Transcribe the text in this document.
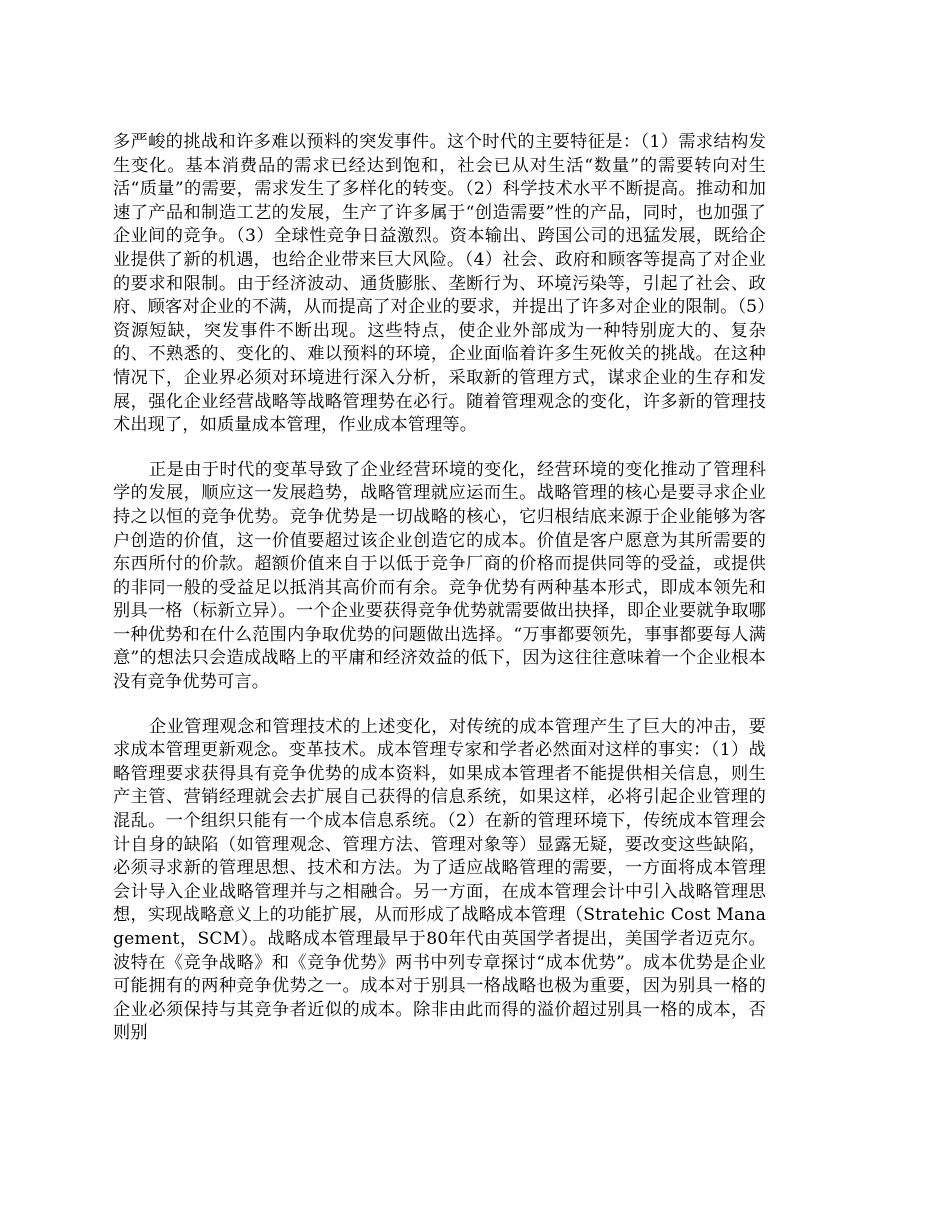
多严峻的挑战和许多难以预料的突发事件。这个时代的主要特征是：（1）需求结构发生变化。基本消费品的需求已经达到饱和，社会已从对生活“数量”的需要转向对生活“质量”的需要，需求发生了多样化的转变。（2）科学技术水平不断提高。推动和加速了产品和制造工艺的发展，生产了许多属于“创造需要”性的产品，同时，也加强了企业间的竞争。（3）全球性竞争日益激烈。资本输出、跨国公司的迅猛发展，既给企业提供了新的机遇，也给企业带来巨大风险。（4）社会、政府和顾客等提高了对企业的要求和限制。由于经济波动、通货膨胀、垄断行为、环境污染等，引起了社会、政府、顾客对企业的不满，从而提高了对企业的要求，并提出了许多对企业的限制。（5）资源短缺，突发事件不断出现。这些特点，使企业外部成为一种特别庞大的、复杂的、不熟悉的、变化的、难以预料的环境，企业面临着许多生死攸关的挑战。在这种情况下，企业界必须对环境进行深入分析，采取新的管理方式，谋求企业的生存和发展，强化企业经营战略等战略管理势在必行。随着管理观念的变化，许多新的管理技术出现了，如质量成本管理，作业成本管理等。

正是由于时代的变革导致了企业经营环境的变化，经营环境的变化推动了管理科学的发展，顺应这一发展趋势，战略管理就应运而生。战略管理的核心是要寻求企业持之以恒的竞争优势。竞争优势是一切战略的核心，它归根结底来源于企业能够为客户创造的价值，这一价值要超过该企业创造它的成本。价值是客户愿意为其所需要的东西所付的价款。超额价值来自于以低于竞争厂商的价格而提供同等的受益，或提供的非同一般的受益足以抵消其高价而有余。竞争优势有两种基本形式，即成本领先和别具一格（标新立异）。一个企业要获得竞争优势就需要做出抉择，即企业要就争取哪一种优势和在什么范围内争取优势的问题做出选择。“万事都要领先，事事都要每人满意”的想法只会造成战略上的平庸和经济效益的低下，因为这往往意味着一个企业根本没有竞争优势可言。

企业管理观念和管理技术的上述变化，对传统的成本管理产生了巨大的冲击，要求成本管理更新观念。变革技术。成本管理专家和学者必然面对这样的事实：（1）战略管理要求获得具有竞争优势的成本资料，如果成本管理者不能提供相关信息，则生产主管、营销经理就会去扩展自己获得的信息系统，如果这样，必将引起企业管理的混乱。一个组织只能有一个成本信息系统。（2）在新的管理环境下，传统成本管理会计自身的缺陷（如管理观念、管理方法、管理对象等）显露无疑，要改变这些缺陷，必须寻求新的管理思想、技术和方法。为了适应战略管理的需要，一方面将成本管理会计导入企业战略管理并与之相融合。另一方面，在成本管理会计中引入战略管理思想，实现战略意义上的功能扩展，从而形成了战略成本管理（Stratehic Cost Management，SCM）。战略成本管理最早于80年代由英国学者提出，美国学者迈克尔。波特在《竞争战略》和《竞争优势》两书中列专章探讨“成本优势”。成本优势是企业可能拥有的两种竞争优势之一。成本对于别具一格战略也极为重要，因为别具一格的企业必须保持与其竞争者近似的成本。除非由此而得的溢价超过别具一格的成本，否则别
